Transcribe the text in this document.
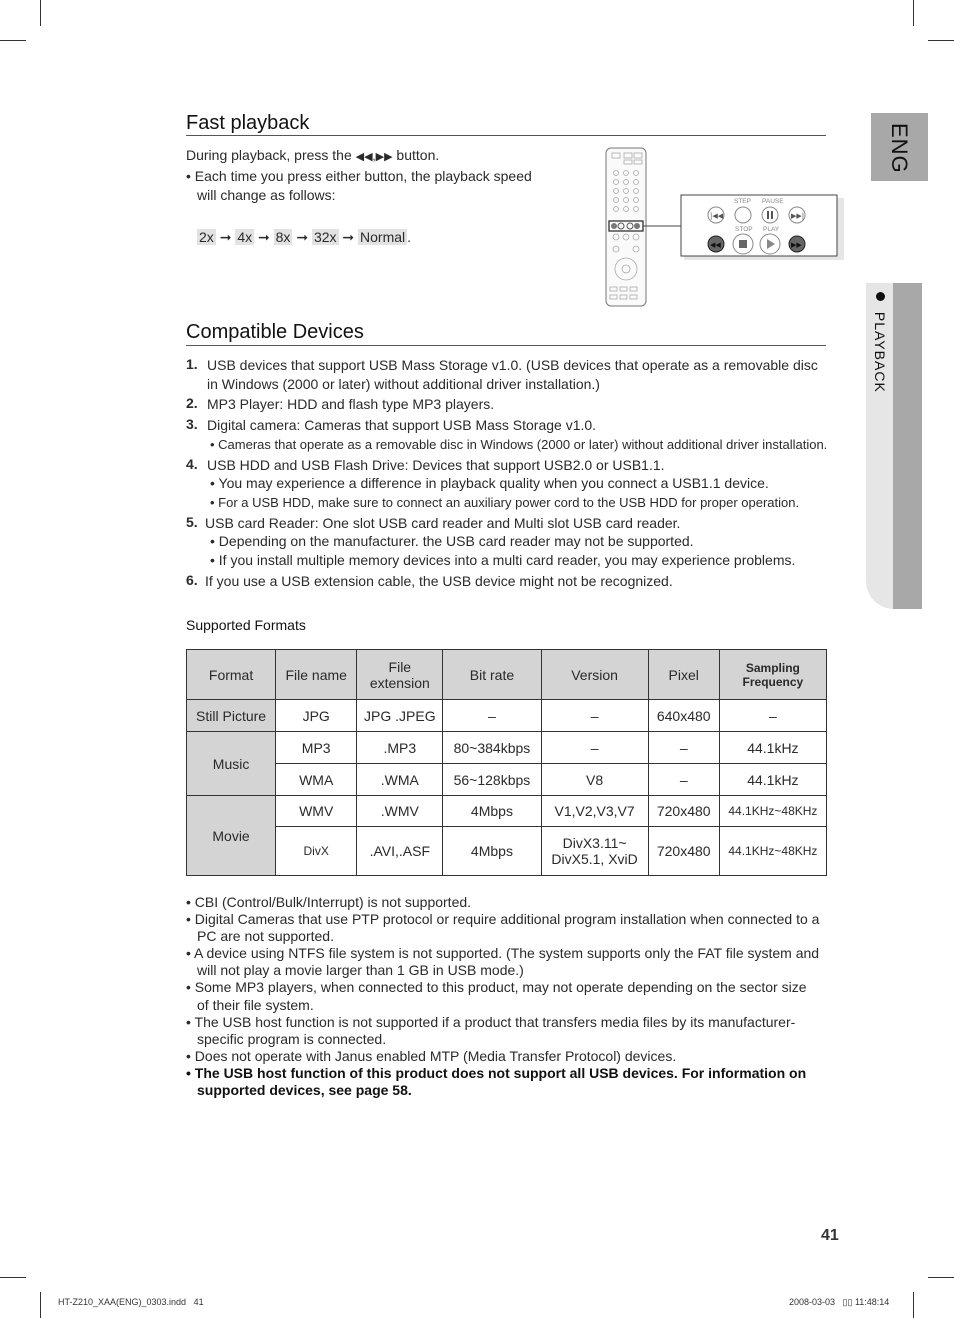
ENG
PLAYBACK
Fast playback
During playback, press the ◀◀,▶▶ button.
• Each time you press either button, the playback speed
will change as follows:
2x ➞ 4x ➞ 8x ➞ 32x ➞ Normal .
STEP PAUSE
|◀◀	▶▶|
STOP PLAY
◀◀	▶▶
Compatible Devices
1. USB devices that support USB Mass Storage v1.0. (USB devices that operate as a removable disc
in Windows (2000 or later) without additional driver installation.)
2. MP3 Player: HDD and flash type MP3 players.
3. Digital camera: Cameras that support USB Mass Storage v1.0.
• Cameras that operate as a removable disc in Windows (2000 or later) without additional driver installation.
4. USB HDD and USB Flash Drive: Devices that support USB2.0 or USB1.1.
• You may experience a difference in playback quality when you connect a USB1.1 device.
• For a USB HDD, make sure to connect an auxiliary power cord to the USB HDD for proper operation.
5. USB card Reader: One slot USB card reader and Multi slot USB card reader.
• Depending on the manufacturer. the USB card reader may not be supported.
• If you install multiple memory devices into a multi card reader, you may experience problems.
6. If you use a USB extension cable, the USB device might not be recognized.
Supported Formats
Format	File name	File extension	Bit rate	Version	Pixel	Sampling Frequency
Still Picture	JPG	JPG .JPEG	–	–	640x480	–
Music	MP3	.MP3	80~384kbps	–	–	44.1kHz
	WMA	.WMA	56~128kbps	V8	–	44.1kHz
Movie	WMV	.WMV	4Mbps	V1,V2,V3,V7	720x480	44.1KHz~48KHz
	DivX	.AVI,.ASF	4Mbps	DivX3.11~
DivX5.1, XviD	720x480	44.1KHz~48KHz
• CBI (Control/Bulk/Interrupt) is not supported.
• Digital Cameras that use PTP protocol or require additional program installation when connected to a
PC are not supported.
• A device using NTFS file system is not supported. (The system supports only the FAT file system and
will not play a movie larger than 1 GB in USB mode.)
• Some MP3 players, when connected to this product, may not operate depending on the sector size
of their file system.
• The USB host function is not supported if a product that transfers media files by its manufacturer-
specific program is connected.
• Does not operate with Janus enabled MTP (Media Transfer Protocol) devices.
• The USB host function of this product does not support all USB devices. For information on
supported devices, see page 58.
41
HT-Z210_XAA(ENG)_0303.indd   41	2008-03-03   ▯▯ 11:48:14
